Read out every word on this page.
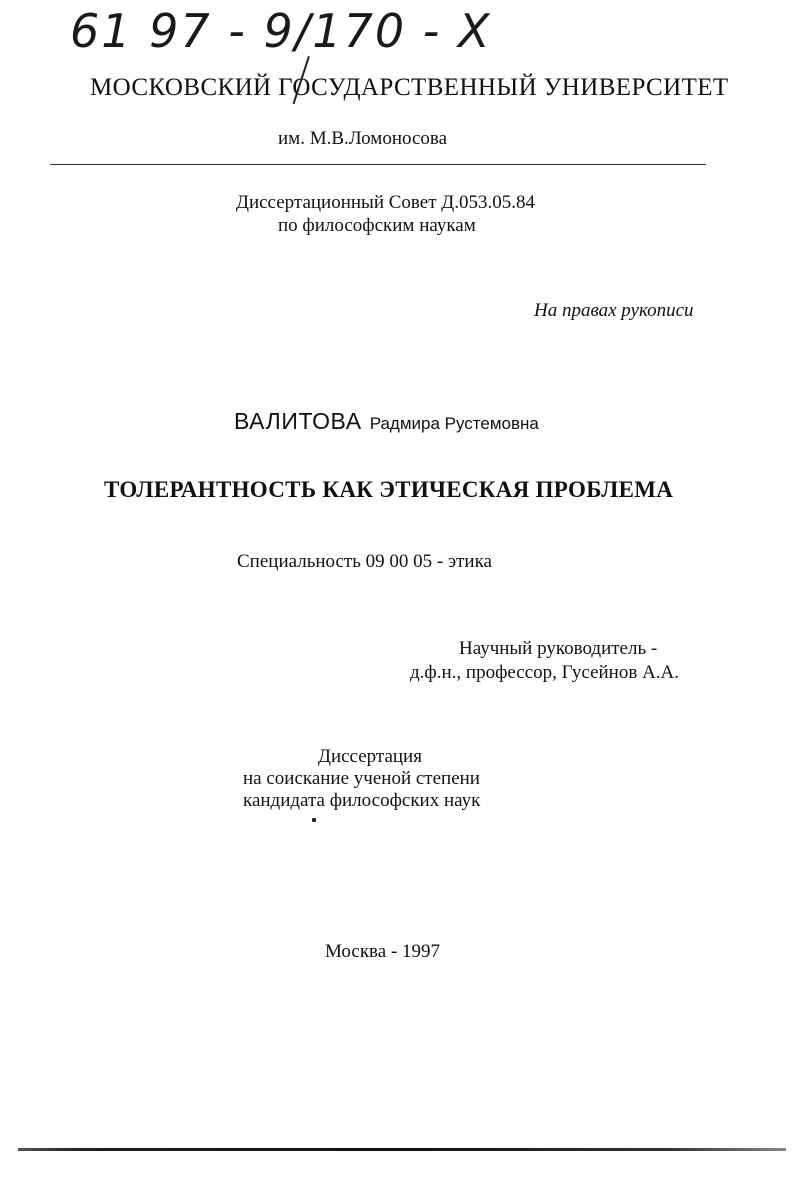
61 97 - 9/170 - X
МОСКОВСКИЙ ГОСУДАРСТВЕННЫЙ УНИВЕРСИТЕТ
им. М.В.Ломоносова
Диссертационный Совет Д.053.05.84
по философским наукам
На правах рукописи
ВАЛИТОВА Радмира Рустемовна
ТОЛЕРАНТНОСТЬ КАК ЭТИЧЕСКАЯ ПРОБЛЕМА
Специальность 09 00 05 - этика
Научный руководитель -
д.ф.н., профессор, Гусейнов А.А.
Диссертация
на соискание ученой степени
кандидата философских наук
Москва - 1997
